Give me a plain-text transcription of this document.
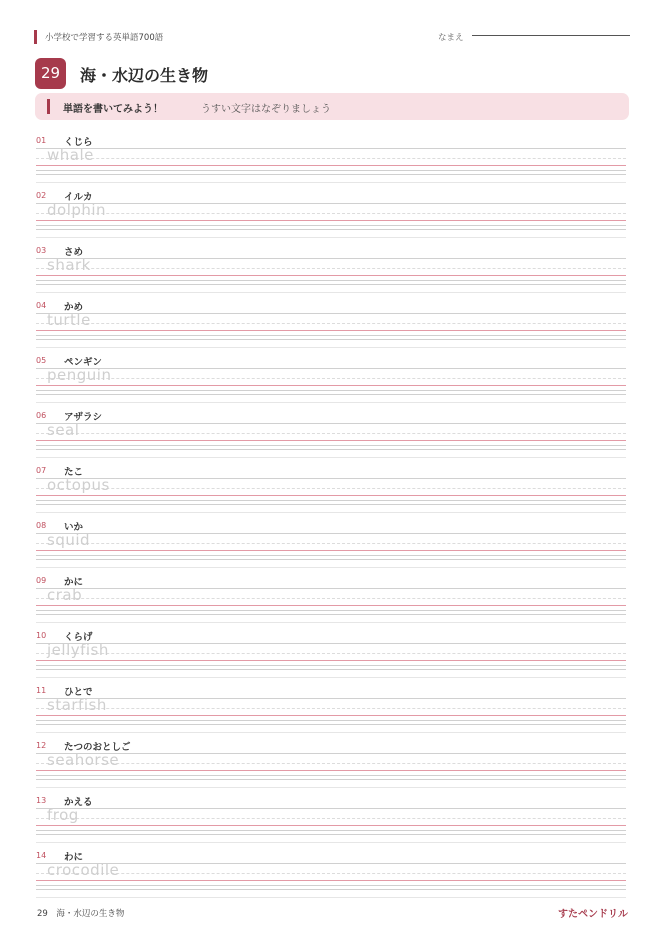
小学校で学習する英単語700語	なまえ
29	海・水辺の生き物
単語を書いてみよう！	うすい文字はなぞりましょう
01 くじら
whale
02 イルカ
dolphin
03 さめ
shark
04 かめ
turtle
05 ペンギン
penguin
06 アザラシ
seal
07 たこ
octopus
08 いか
squid
09 かに
crab
10 くらげ
jellyfish
11 ひとで
starfish
12 たつのおとしご
seahorse
13 かえる
frog
14 わに
crocodile
29　海・水辺の生き物	すたペンドリル
